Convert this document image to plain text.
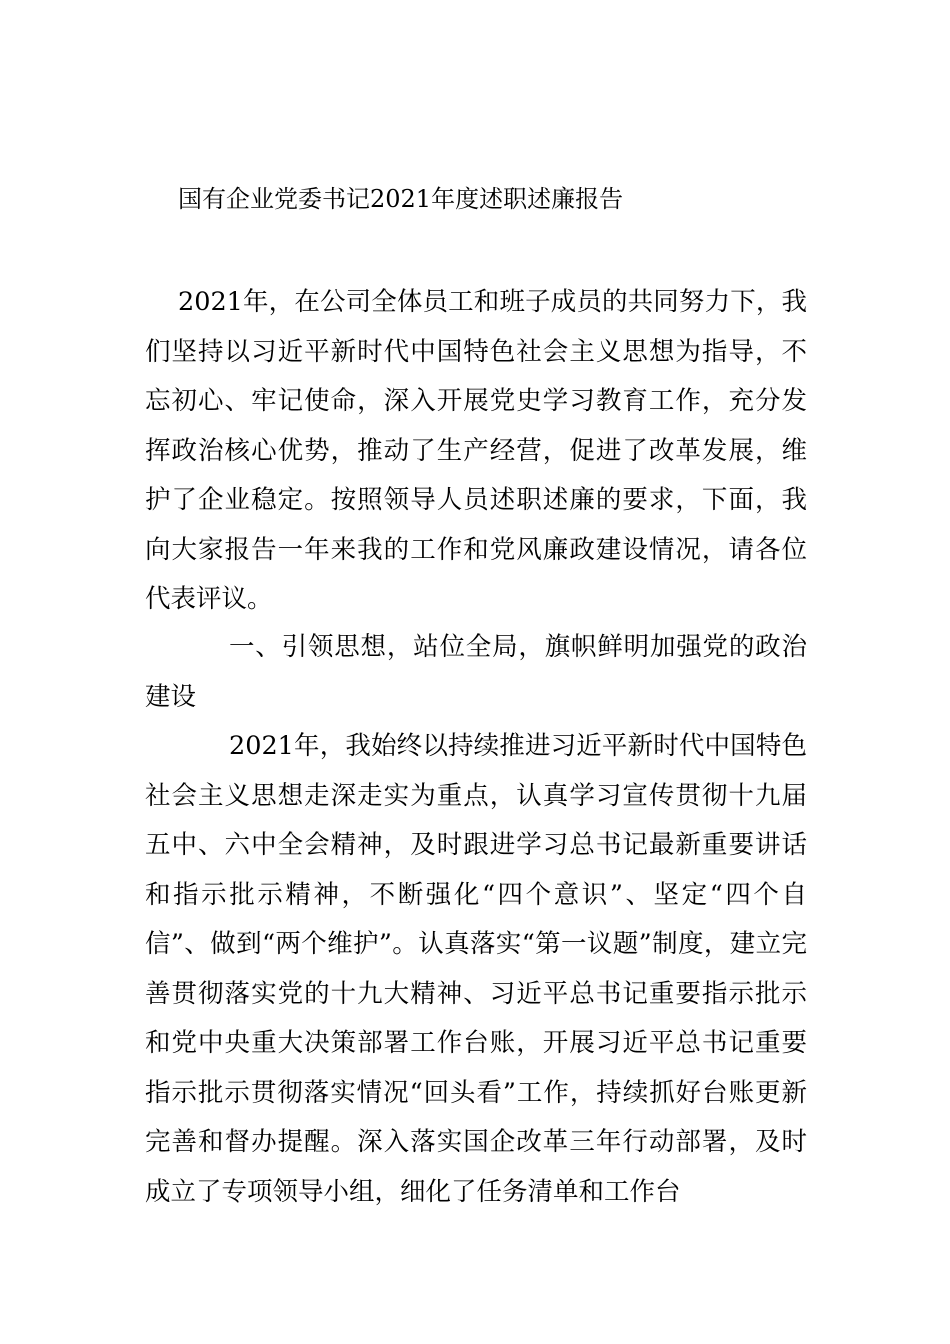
国有企业党委书记2021年度述职述廉报告

2021年，在公司全体员工和班子成员的共同努力下，我们坚持以习近平新时代中国特色社会主义思想为指导，不忘初心、牢记使命，深入开展党史学习教育工作，充分发挥政治核心优势，推动了生产经营，促进了改革发展，维护了企业稳定。按照领导人员述职述廉的要求，下面，我向大家报告一年来我的工作和党风廉政建设情况，请各位代表评议。

一、引领思想，站位全局，旗帜鲜明加强党的政治建设

2021年，我始终以持续推进习近平新时代中国特色社会主义思想走深走实为重点，认真学习宣传贯彻十九届五中、六中全会精神，及时跟进学习总书记最新重要讲话和指示批示精神，不断强化“四个意识”、坚定“四个自信”、做到“两个维护”。认真落实“第一议题”制度，建立完善贯彻落实党的十九大精神、习近平总书记重要指示批示和党中央重大决策部署工作台账，开展习近平总书记重要指示批示贯彻落实情况“回头看”工作，持续抓好台账更新完善和督办提醒。深入落实国企改革三年行动部署，及时成立了专项领导小组，细化了任务清单和工作台
